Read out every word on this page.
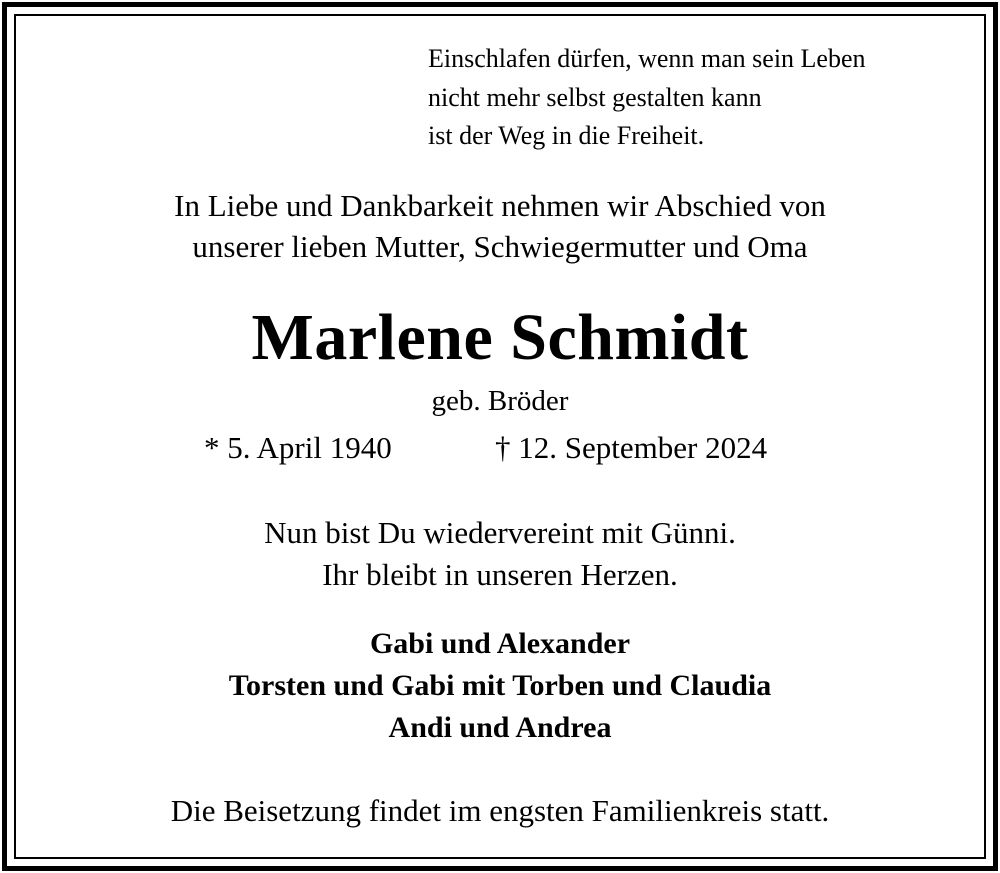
Einschlafen dürfen, wenn man sein Leben
nicht mehr selbst gestalten kann
ist der Weg in die Freiheit.
In Liebe und Dankbarkeit nehmen wir Abschied von
unserer lieben Mutter, Schwiegermutter und Oma
Marlene Schmidt
geb. Bröder
* 5. April 1940	† 12. September 2024
Nun bist Du wiedervereint mit Günni.
Ihr bleibt in unseren Herzen.
Gabi und Alexander
Torsten und Gabi mit Torben und Claudia
Andi und Andrea
Die Beisetzung findet im engsten Familienkreis statt.
